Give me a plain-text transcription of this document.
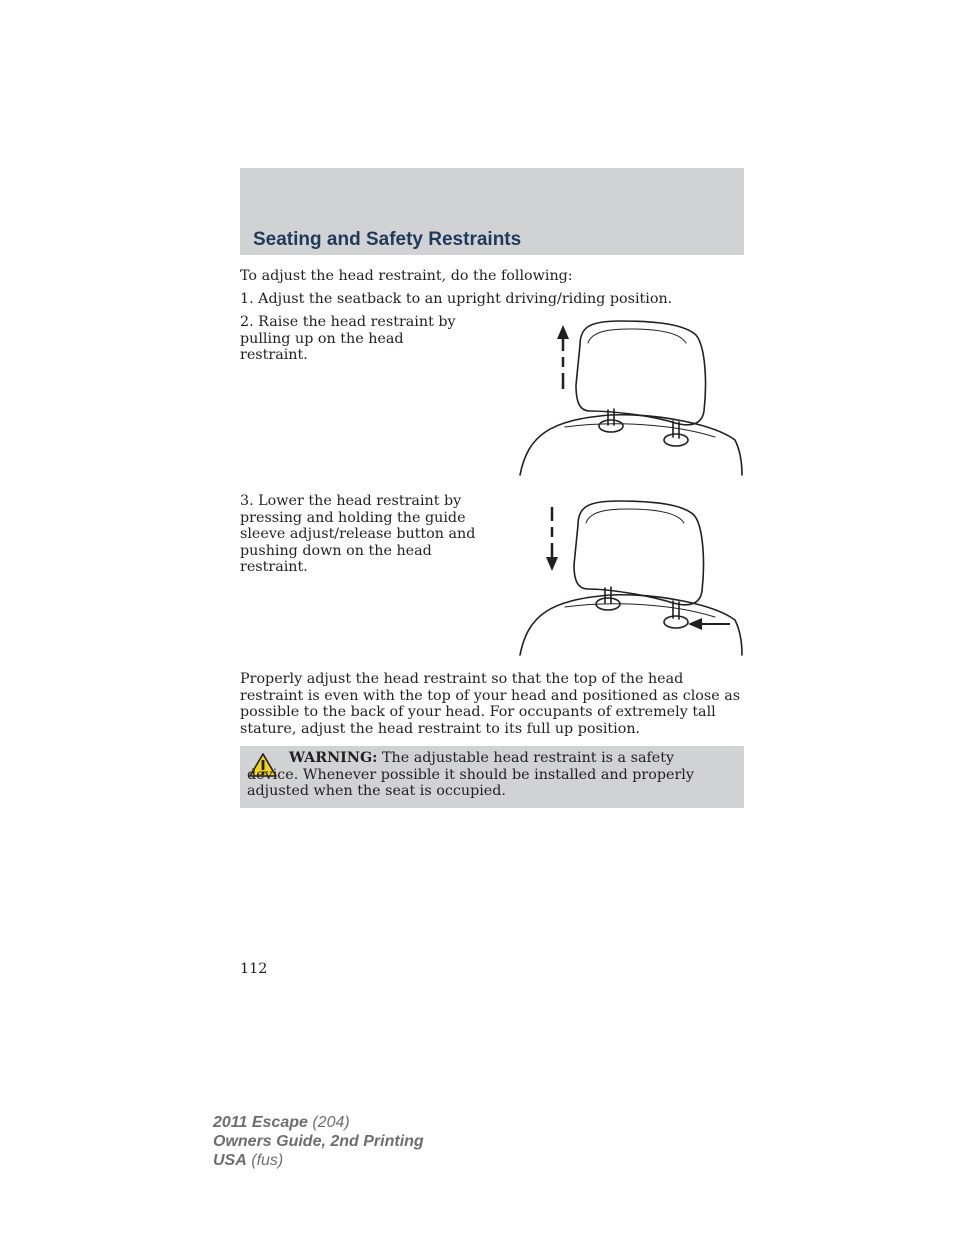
Seating and Safety Restraints

To adjust the head restraint, do the following:

1. Adjust the seatback to an upright driving/riding position.

2. Raise the head restraint by pulling up on the head restraint.

3. Lower the head restraint by pressing and holding the guide sleeve adjust/release button and pushing down on the head restraint.

Properly adjust the head restraint so that the top of the head restraint is even with the top of your head and positioned as close as possible to the back of your head. For occupants of extremely tall stature, adjust the head restraint to its full up position.

WARNING: The adjustable head restraint is a safety device. Whenever possible it should be installed and properly adjusted when the seat is occupied.

112

2011 Escape (204)
Owners Guide, 2nd Printing
USA (fus)
